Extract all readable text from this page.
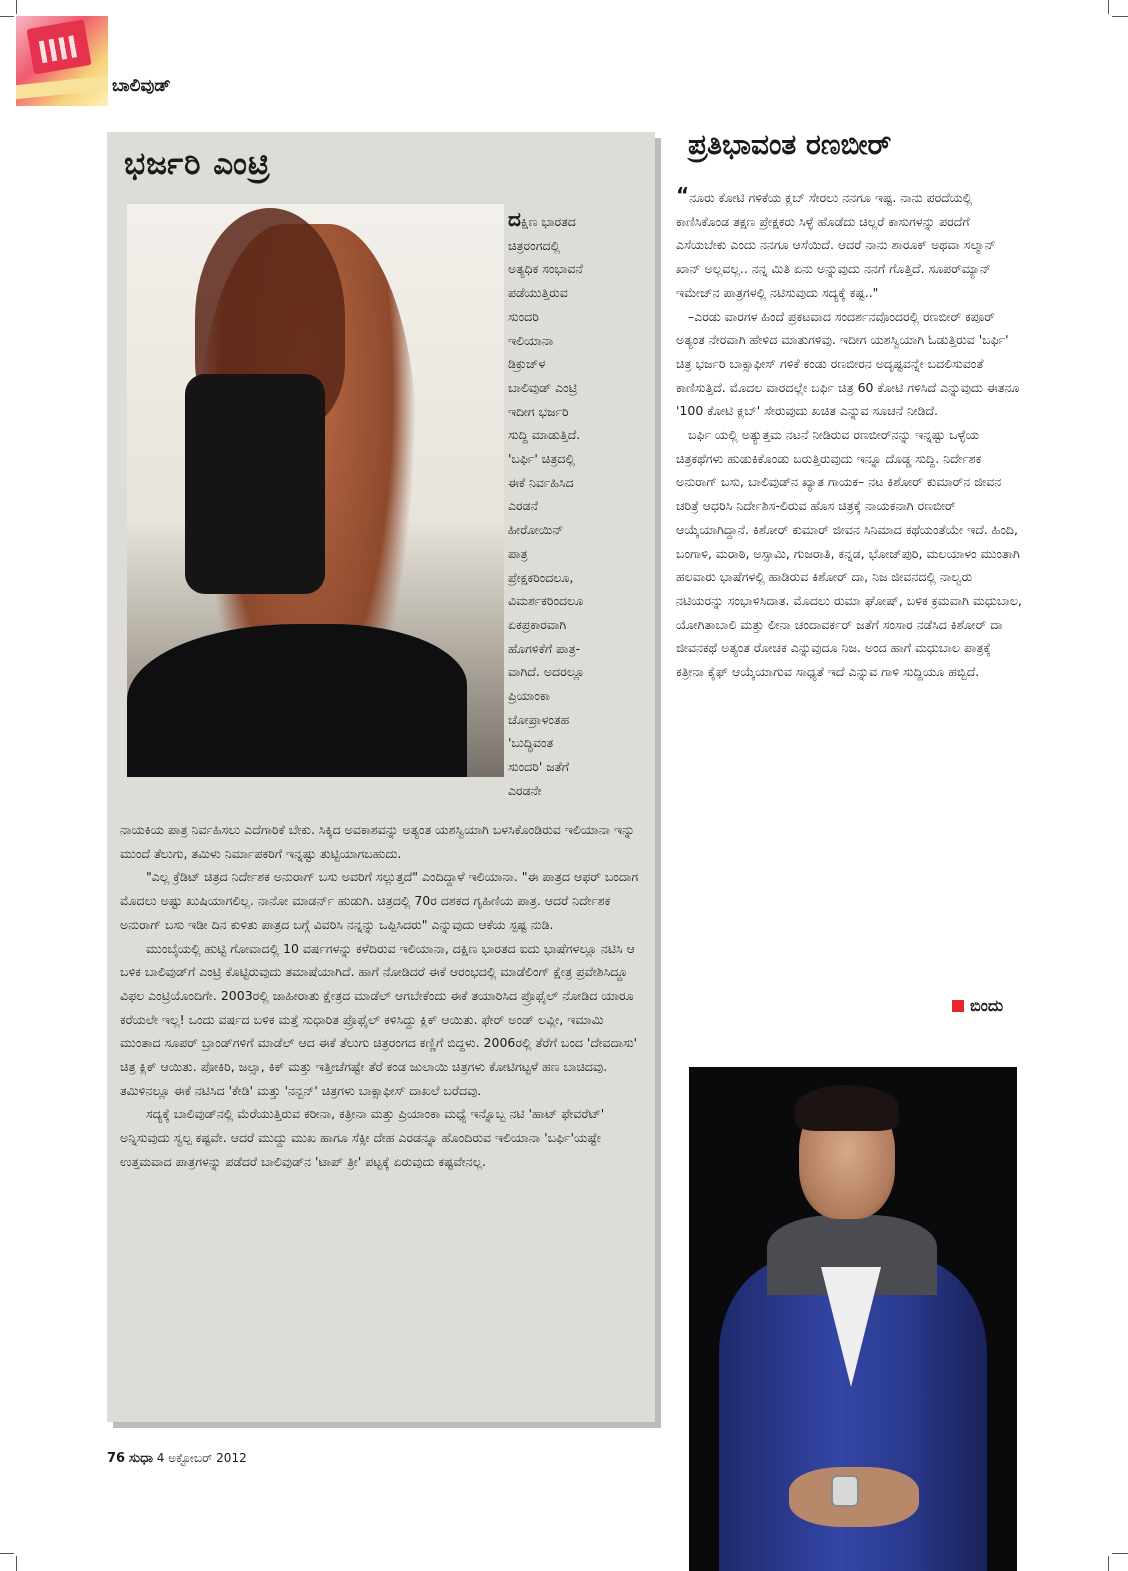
ಬಾಲಿವುಡ್
ಭರ್ಜರಿ ಎಂಟ್ರಿ
ದಕ್ಷಿಣ ಭಾರತದ
ಚಿತ್ರರಂಗದಲ್ಲಿ
ಅತ್ಯಧಿಕ ಸಂಭಾವನೆ
ಪಡೆಯುತ್ತಿರುವ
ಸುಂದರಿ
ಇಲಿಯಾನಾ
ಡಿಕ್ರುಜ್‌ಳ
ಬಾಲಿವುಡ್ ಎಂಟ್ರಿ
ಇದೀಗ ಭರ್ಜರಿ
ಸುದ್ದಿ ಮಾಡುತ್ತಿದೆ.
'ಬರ್ಫಿ' ಚಿತ್ರದಲ್ಲಿ
ಈಕೆ ನಿರ್ವಹಿಸಿದ
ಎರಡನೆ
ಹೀರೋಯಿನ್
ಪಾತ್ರ
ಪ್ರೇಕ್ಷಕರಿಂದಲೂ,
ವಿಮರ್ಶಕರಿಂದಲೂ
ಏಕಪ್ರಕಾರವಾಗಿ
ಹೊಗಳಿಕೆಗೆ ಪಾತ್ರ-
ವಾಗಿದೆ. ಅದರಲ್ಲೂ
ಪ್ರಿಯಾಂಕಾ
ಚೋಪ್ರಾಳಂತಹ
'ಬುದ್ಧಿವಂತ
ಸುಂದರಿ' ಜತೆಗೆ
ಎರಡನೇ

ನಾಯಕಿಯ ಪಾತ್ರ ನಿರ್ವಹಿಸಲು ಎದೆಗಾರಿಕೆ ಬೇಕು. ಸಿಕ್ಕಿದ ಅವಕಾಶವನ್ನು ಅತ್ಯಂತ ಯಶಸ್ವಿಯಾಗಿ ಬಳಸಿಕೊಂಡಿರುವ ಇಲಿಯಾನಾ ಇನ್ನು ಮುಂದೆ ತೆಲುಗು, ತಮಿಳು ನಿರ್ಮಾಪಕರಿಗೆ ಇನ್ನಷ್ಟು ತುಟ್ಟಿಯಾಗಬಹುದು.

"ಎಲ್ಲ ಕ್ರೆಡಿಟ್ ಚಿತ್ರದ ನಿರ್ದೇಶಕ ಅನುರಾಗ್ ಬಸು ಅವರಿಗೆ ಸಲ್ಲುತ್ತದೆ" ಎಂದಿದ್ದಾಳೆ ಇಲಿಯಾನಾ. "ಈ ಪಾತ್ರದ ಆಫರ್ ಬಂದಾಗ ಮೊದಲು ಅಷ್ಟು ಖುಷಿಯಾಗಲಿಲ್ಲ. ನಾನೋ ಮಾಡರ್ನ್ ಹುಡುಗಿ. ಚಿತ್ರದಲ್ಲಿ 70ರ ದಶಕದ ಗೃಹಿಣಿಯ ಪಾತ್ರ. ಆದರೆ ನಿರ್ದೇಶಕ ಅನುರಾಗ್ ಬಸು ಇಡೀ ದಿನ ಕುಳಿತು ಪಾತ್ರದ ಬಗ್ಗೆ ವಿವರಿಸಿ ನನ್ನನ್ನು ಒಪ್ಪಿಸಿದರು" ಎನ್ನುವುದು ಆಕೆಯ ಸ್ಪಷ್ಟ ನುಡಿ.

ಮುಂಬೈಯಲ್ಲಿ ಹುಟ್ಟಿ ಗೋವಾದಲ್ಲಿ 10 ವರ್ಷಗಳನ್ನು ಕಳೆದಿರುವ ಇಲಿಯಾನಾ, ದಕ್ಷಿಣ ಭಾರತದ ಐದು ಭಾಷೆಗಳಲ್ಲೂ ನಟಿಸಿ ಆ ಬಳಿಕ ಬಾಲಿವುಡ್‌ಗೆ ಎಂಟ್ರಿ ಕೊಟ್ಟಿರುವುದು ತಮಾಷೆಯಾಗಿದೆ. ಹಾಗೆ ನೋಡಿದರೆ ಈಕೆ ಆರಂಭದಲ್ಲಿ ಮಾಡೆಲಿಂಗ್ ಕ್ಷೇತ್ರ ಪ್ರವೇಶಿಸಿದ್ದೂ ವಿಫಲ ಎಂಟ್ರಿಯೊಂದಿಗೇ. 2003ರಲ್ಲಿ ಜಾಹೀರಾತು ಕ್ಷೇತ್ರದ ಮಾಡೆಲ್ ಆಗಬೇಕೆಂದು ಈಕೆ ತಯಾರಿಸಿದ ಪ್ರೊಫೈಲ್ ನೋಡಿದ ಯಾರೂ ಕರೆಯಲೇ ಇಲ್ಲ! ಒಂದು ವರ್ಷದ ಬಳಿಕ ಮತ್ತೆ ಸುಧಾರಿತ ಪ್ರೊಫೈಲ್ ಕಳಿಸಿದ್ದು ಕ್ಲಿಕ್ ಆಯಿತು. ಫೇರ್ ಅಂಡ್ ಲವ್ಲೀ, ಇಮಾಮಿ ಮುಂತಾದ ಸೂಪರ್ ಬ್ರಾಂಡ್‌ಗಳಿಗೆ ಮಾಡೆಲ್ ಆದ ಈಕೆ ತೆಲುಗು ಚಿತ್ರರಂಗದ ಕಣ್ಣಿಗೆ ಬಿದ್ದಳು. 2006ರಲ್ಲಿ ತೆರೆಗೆ ಬಂದ 'ದೇವದಾಸು' ಚಿತ್ರ ಕ್ಲಿಕ್ ಆಯಿತು. ಪೋಕಿರಿ, ಜಲ್ಸಾ, ಕಿಕ್ ಮತ್ತು ಇತ್ತೀಚೆಗಷ್ಟೇ ತೆರೆ ಕಂಡ ಜುಲಾಯಿ ಚಿತ್ರಗಳು ಕೋಟಿಗಟ್ಟಳೆ ಹಣ ಬಾಚಿದವು. ತಮಿಳಿನಲ್ಲೂ ಈಕೆ ನಟಿಸಿದ 'ಕೇಡಿ' ಮತ್ತು 'ನನ್ಬನ್' ಚಿತ್ರಗಳು ಬಾಕ್ಸಾಫೀಸ್ ದಾಖಲೆ ಬರೆದವು.

ಸದ್ಯಕ್ಕೆ ಬಾಲಿವುಡ್‌ನಲ್ಲಿ ಮೆರೆಯುತ್ತಿರುವ ಕರೀನಾ, ಕತ್ರೀನಾ ಮತ್ತು ಪ್ರಿಯಾಂಕಾ ಮಧ್ಯೆ ಇನ್ನೊಬ್ಬ ನಟಿ 'ಹಾಟ್ ಫೇವರೆಟ್' ಅನ್ನಿಸುವುದು ಸ್ವಲ್ಪ ಕಷ್ಟವೇ. ಆದರೆ ಮುದ್ದು ಮುಖ ಹಾಗೂ ಸೆಕ್ಸೀ ದೇಹ ಎರಡನ್ನೂ ಹೊಂದಿರುವ ಇಲಿಯಾನಾ 'ಬರ್ಫಿ'ಯಷ್ಟೇ ಉತ್ತಮವಾದ ಪಾತ್ರಗಳನ್ನು ಪಡೆದರೆ ಬಾಲಿವುಡ್‌ನ 'ಟಾಪ್ ತ್ರೀ' ಪಟ್ಟಕ್ಕೆ ಏರುವುದು ಕಷ್ಟವೇನಲ್ಲ.

ಪ್ರತಿಭಾವಂತ ರಣಬೀರ್

“ನೂರು ಕೋಟಿ ಗಳಿಕೆಯ ಕ್ಲಬ್ ಸೇರಲು ನನಗೂ ಇಷ್ಟ. ನಾನು ಪರದೆಯಲ್ಲಿ ಕಾಣಿಸಿಕೊಂಡ ತಕ್ಷಣ ಪ್ರೇಕ್ಷಕರು ಸಿಳ್ಳೆ ಹೊಡೆದು ಚಿಲ್ಲರೆ ಕಾಸುಗಳನ್ನು ಪರದೆಗೆ ಎಸೆಯಬೇಕು ಎಂದು ನನಗೂ ಆಸೆಯಿದೆ. ಆದರೆ ನಾನು ಶಾರೂಕ್ ಅಥವಾ ಸಲ್ಮಾನ್ ಖಾನ್ ಅಲ್ಲವಲ್ಲ.. ನನ್ನ ಮಿತಿ ಏನು ಅನ್ನುವುದು ನನಗೆ ಗೊತ್ತಿದೆ. ಸೂಪರ್‌ಮ್ಯಾನ್ ಇಮೇಜ್‌ನ ಪಾತ್ರಗಳಲ್ಲಿ ನಟಿಸುವುದು ಸದ್ಯಕ್ಕೆ ಕಷ್ಟ.."

–ಎರಡು ವಾರಗಳ ಹಿಂದೆ ಪ್ರಕಟವಾದ ಸಂದರ್ಶನವೊಂದರಲ್ಲಿ ರಣಬೀರ್ ಕಪೂರ್ ಅತ್ಯಂತ ನೇರವಾಗಿ ಹೇಳಿದ ಮಾತುಗಳಿವು. ಇದೀಗ ಯಶಸ್ವಿಯಾಗಿ ಓಡುತ್ತಿರುವ 'ಬರ್ಫಿ' ಚಿತ್ರ ಭರ್ಜರಿ ಬಾಕ್ಸಾಫೀಸ್ ಗಳಿಕೆ ಕಂಡು ರಣಬೀರನ ಅದೃಷ್ಟವನ್ನೇ ಬದಲಿಸುವಂತೆ ಕಾಣಿಸುತ್ತಿದೆ. ಮೊದಲ ವಾರದಲ್ಲೇ ಬರ್ಫಿ ಚಿತ್ರ 60 ಕೋಟಿ ಗಳಿಸಿದೆ ಎನ್ನುವುದು ಈತನೂ '100 ಕೋಟಿ ಕ್ಲಬ್' ಸೇರುವುದು ಖಚಿತ ಎನ್ನುವ ಸೂಚನೆ ನೀಡಿದೆ.

ಬರ್ಫಿ ಯಲ್ಲಿ ಅತ್ಯುತ್ತಮ ನಟನೆ ನೀಡಿರುವ ರಣಬೀರ್‌ನನ್ನು ಇನ್ನಷ್ಟು ಒಳ್ಳೆಯ ಚಿತ್ರಕಥೆಗಳು ಹುಡುಕಿಕೊಂಡು ಬರುತ್ತಿರುವುದು ಇನ್ನೂ ದೊಡ್ಡ ಸುದ್ದಿ. ನಿರ್ದೇಶಕ ಅನುರಾಗ್ ಬಸು, ಬಾಲಿವುಡ್‌ನ ಖ್ಯಾತ ಗಾಯಕ– ನಟ ಕಿಶೋರ್ ಕುಮಾರ್‌ನ ಜೀವನ ಚರಿತ್ರೆ ಆಧರಿಸಿ ನಿರ್ದೇಶಿಸ-ಲಿರುವ ಹೊಸ ಚಿತ್ರಕ್ಕೆ ನಾಯಕನಾಗಿ ರಣಬೀರ್ ಆಯ್ಕೆಯಾಗಿದ್ದಾನೆ. ಕಿಶೋರ್ ಕುಮಾರ್ ಜೀವನ ಸಿನಿಮಾದ ಕಥೆಯಂತೆಯೇ ಇದೆ. ಹಿಂದಿ, ಬಂಗಾಳಿ, ಮರಾಠಿ, ಅಸ್ಸಾಮಿ, ಗುಜರಾತಿ, ಕನ್ನಡ, ಭೋಜ್‌ಪುರಿ, ಮಲಯಾಳಂ ಮುಂತಾಗಿ ಹಲವಾರು ಭಾಷೆಗಳಲ್ಲಿ ಹಾಡಿರುವ ಕಿಶೋರ್ ದಾ, ನಿಜ ಜೀವನದಲ್ಲಿ ನಾಲ್ವರು ನಟಿಯರನ್ನು ಸಂಭಾಳಿಸಿದಾತ. ಮೊದಲು ರುಮಾ ಘೋಷ್, ಬಳಿಕ ಕ್ರಮವಾಗಿ ಮಧುಬಾಲ, ಯೋಗಿತಾಬಾಲಿ ಮತ್ತು ಲೀನಾ ಚಂದಾವರ್ಕರ್ ಜತೆಗೆ ಸಂಸಾರ ನಡೆಸಿದ ಕಿಶೋರ್ ದಾ ಜೀವನಕಥೆ ಅತ್ಯಂತ ರೋಚಕ ಎನ್ನುವುದೂ ನಿಜ. ಅಂದ ಹಾಗೆ ಮಧುಬಾಲ ಪಾತ್ರಕ್ಕೆ ಕತ್ರೀನಾ ಕೈಫ್ ಆಯ್ಕೆಯಾಗುವ ಸಾಧ್ಯತೆ ಇದೆ ಎನ್ನುವ ಗಾಳಿ ಸುದ್ದಿಯೂ ಹಬ್ಬಿದೆ.

ಬಿಂದು
76 ಸುಧಾ 4 ಅಕ್ಟೋಬರ್ 2012
